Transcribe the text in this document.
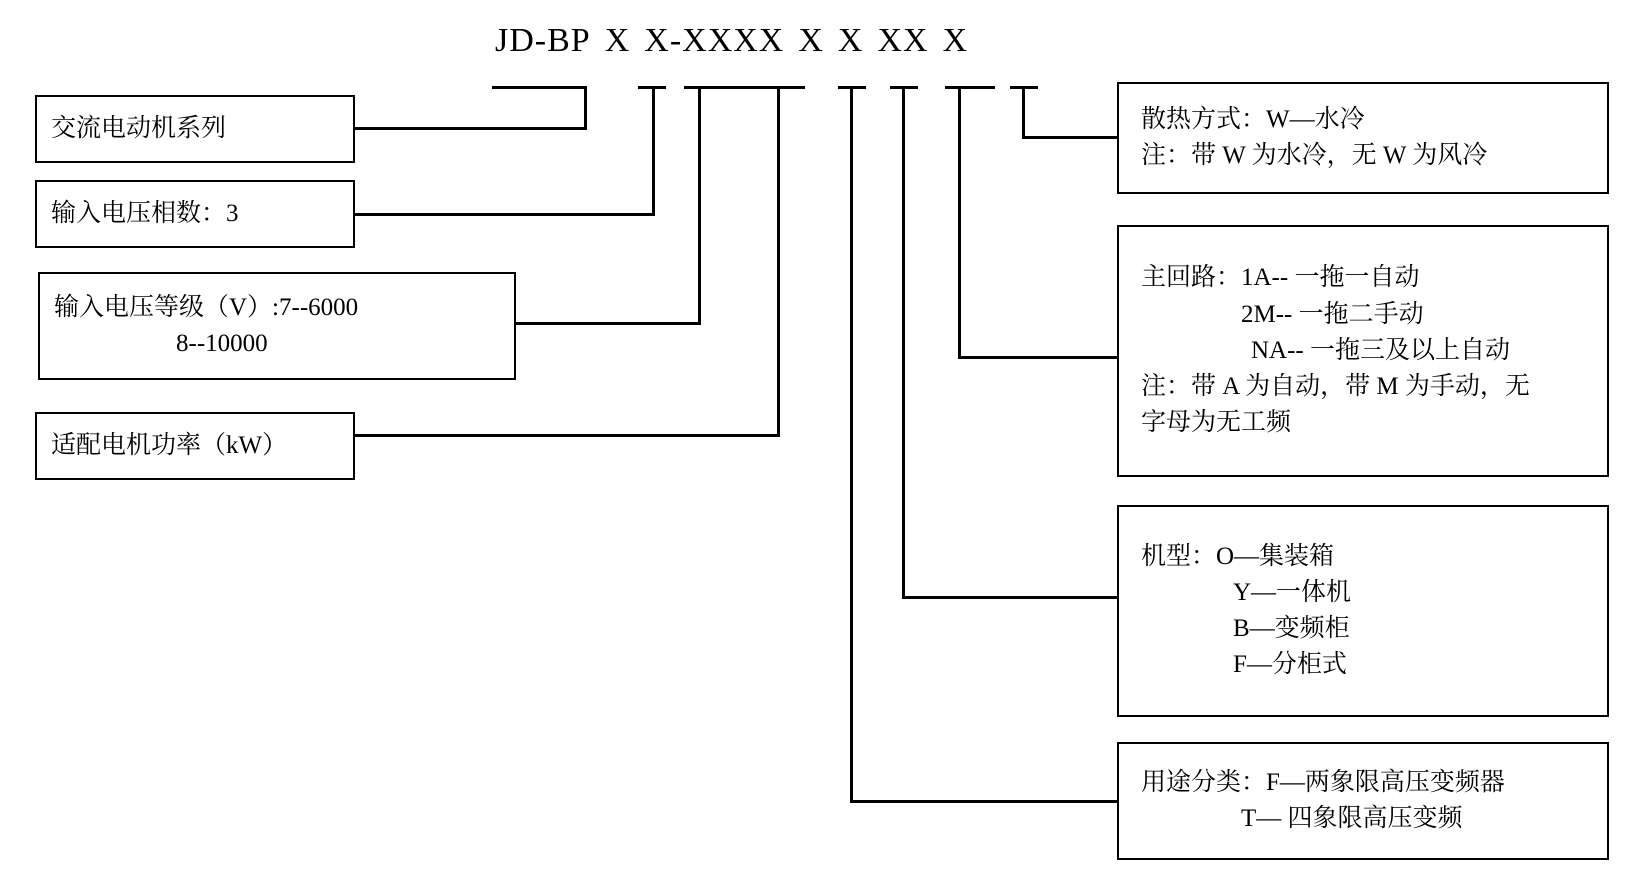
JD-BP X X-XXXX X X XX X
交流电动机系列
输入电压相数：3
输入电压等级（V）:7--6000
8--10000
适配电机功率（kW）
散热方式：W—水冷
注：带 W 为水冷，无 W 为风冷
主回路：1A-- 一拖一自动
2M-- 一拖二手动
NA-- 一拖三及以上自动
注：带 A 为自动，带 M 为手动，无
字母为无工频
机型：O—集装箱
Y—一体机
B—变频柜
F—分柜式
用途分类：F—两象限高压变频器
T— 四象限高压变频
